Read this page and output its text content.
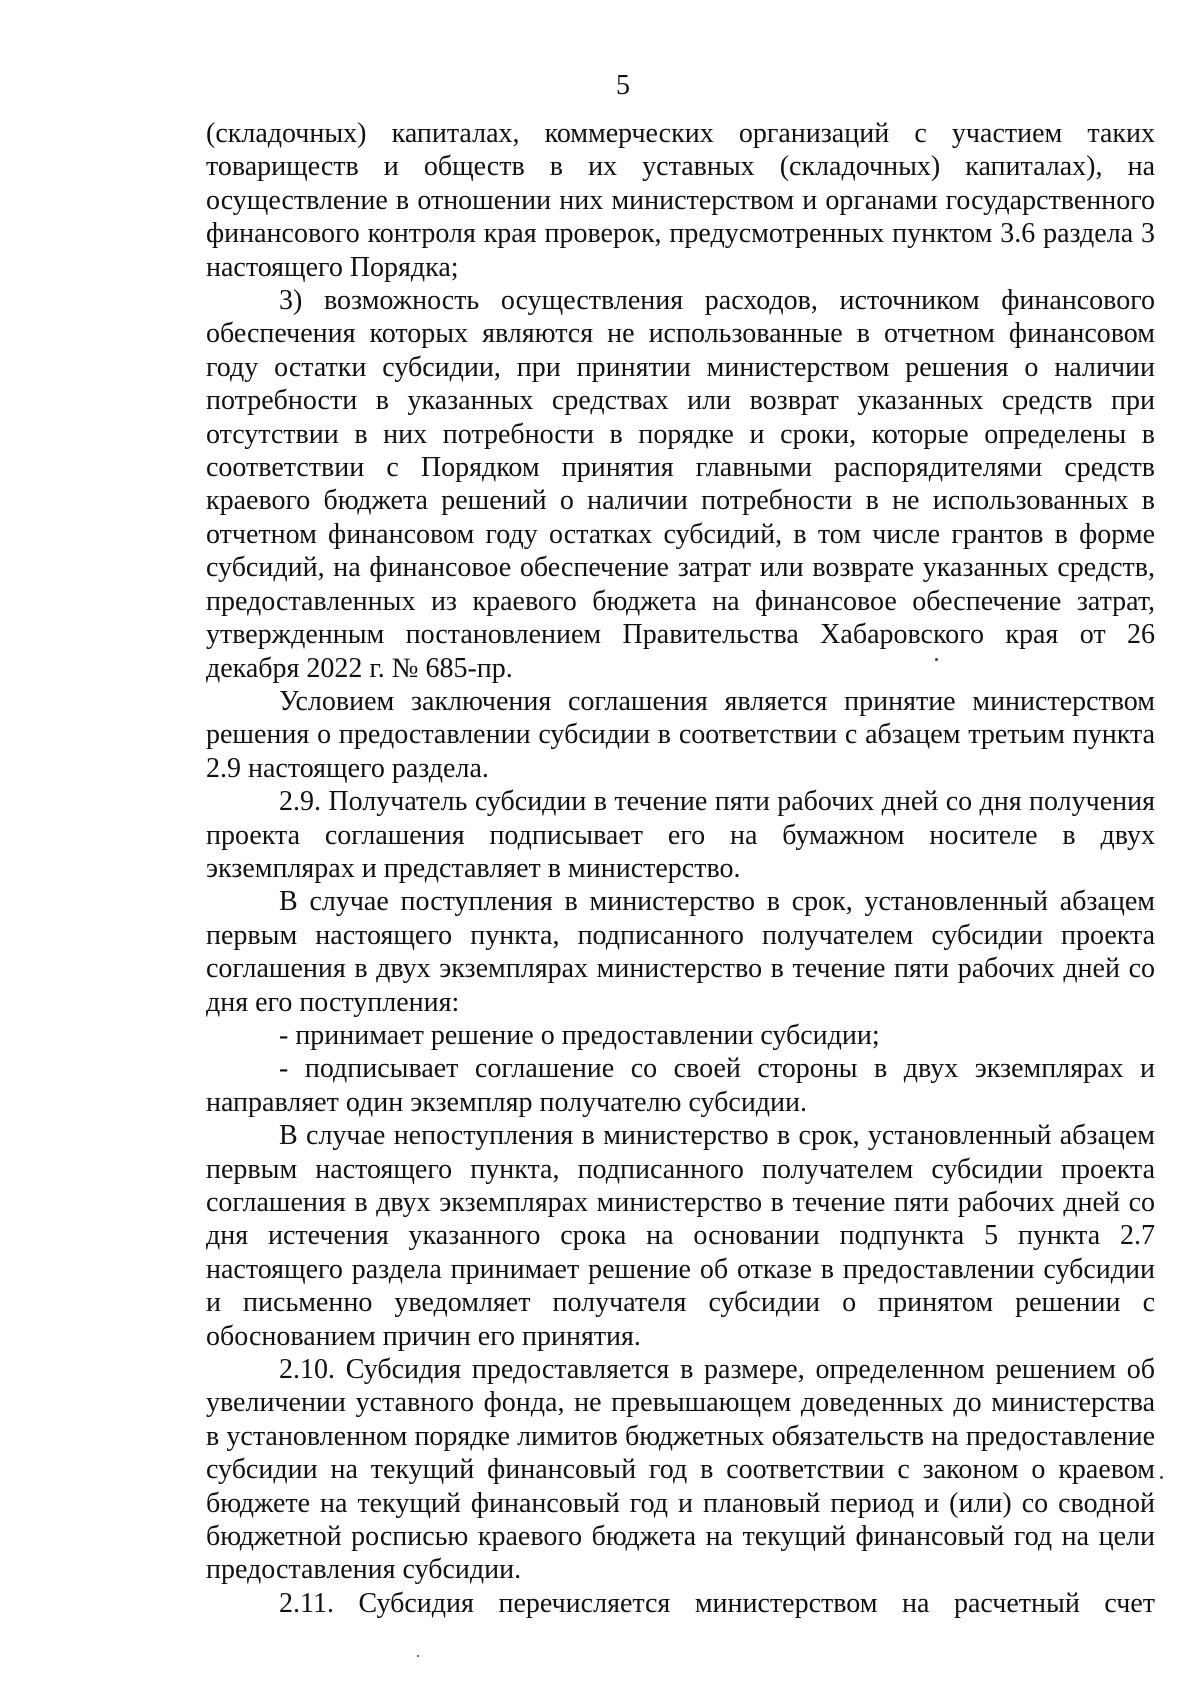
5

(складочных) капиталах, коммерческих организаций с участием таких товариществ и обществ в их уставных (складочных) капиталах), на осуществление в отношении них министерством и органами государственного финансового контроля края проверок, предусмотренных пунктом 3.6 раздела 3 настоящего Порядка;

3) возможность осуществления расходов, источником финансового обеспечения которых являются не использованные в отчетном финансовом году остатки субсидии, при принятии министерством решения о наличии потребности в указанных средствах или возврат указанных средств при отсутствии в них потребности в порядке и сроки, которые определены в соответствии с Порядком принятия главными распорядителями средств краевого бюджета решений о наличии потребности в не использованных в отчетном финансовом году остатках субсидий, в том числе грантов в форме субсидий, на финансовое обеспечение затрат или возврате указанных средств, предоставленных из краевого бюджета на финансовое обеспечение затрат, утвержденным постановлением Правительства Хабаровского края от 26 декабря 2022 г. № 685-пр.

Условием заключения соглашения является принятие министерством решения о предоставлении субсидии в соответствии с абзацем третьим пункта 2.9 настоящего раздела.

2.9. Получатель субсидии в течение пяти рабочих дней со дня получения проекта соглашения подписывает его на бумажном носителе в двух экземплярах и представляет в министерство.

В случае поступления в министерство в срок, установленный абзацем первым настоящего пункта, подписанного получателем субсидии проекта соглашения в двух экземплярах министерство в течение пяти рабочих дней со дня его поступления:

- принимает решение о предоставлении субсидии;

- подписывает соглашение со своей стороны в двух экземплярах и направляет один экземпляр получателю субсидии.

В случае непоступления в министерство в срок, установленный абзацем первым настоящего пункта, подписанного получателем субсидии проекта соглашения в двух экземплярах министерство в течение пяти рабочих дней со дня истечения указанного срока на основании подпункта 5 пункта 2.7 настоящего раздела принимает решение об отказе в предоставлении субсидии и письменно уведомляет получателя субсидии о принятом решении с обоснованием причин его принятия.

2.10. Субсидия предоставляется в размере, определенном решением об увеличении уставного фонда, не превышающем доведенных до министерства в установленном порядке лимитов бюджетных обязательств на предоставление субсидии на текущий финансовый год в соответствии с законом о краевом бюджете на текущий финансовый год и плановый период и (или) со сводной бюджетной росписью краевого бюджета на текущий финансовый год на цели предоставления субсидии.

2.11. Субсидия перечисляется министерством на расчетный счет
